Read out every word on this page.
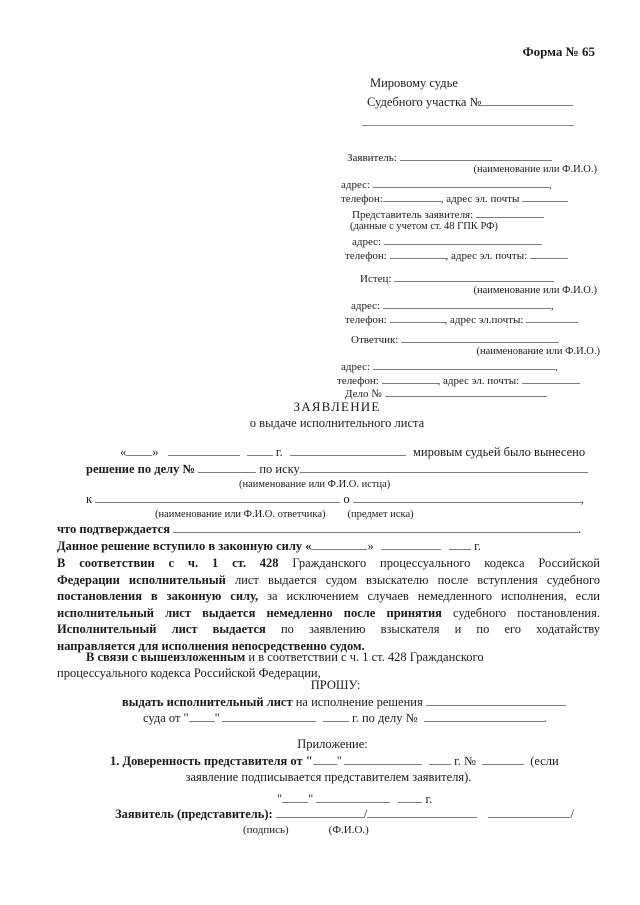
Форма № 65
Мировому судье
Судебного участка №
Заявитель:
(наименование или Ф.И.О.)
адрес:	,
телефон:	, адрес эл. почты
Представитель заявителя:
(данные с учетом ст. 48 ГПК РФ)
адрес:
телефон:	, адрес эл. почты:
Истец:
(наименование или Ф.И.О.)
адрес:	,
телефон:	, адрес эл.почты:
Ответчик:
(наименование или Ф.И.О.)
адрес:	,
телефон:	, адрес эл. почты:
Дело №
ЗАЯВЛЕНИЕ
о выдаче исполнительного листа
« »	г.	мировым судьей было вынесено
решение по делу №	по иску
(наименование или Ф.И.О. истца)
к	о	,
(наименование или Ф.И.О. ответчика) (предмет иска)
что подтверждается	.
Данное решение вступило в законную силу «	»	г.
В соответствии с ч. 1 ст. 428 Гражданского процессуального кодекса Российской
Федерации исполнительный лист выдается судом взыскателю после вступления судебного
постановления в законную силу, за исключением случаев немедленного исполнения, если
исполнительный лист выдается немедленно после принятия судебного постановления.
Исполнительный лист выдается по заявлению взыскателя и по его ходатайству
направляется для исполнения непосредственно судом.
В связи с вышеизложенным и в соответствии с ч. 1 ст. 428 Гражданского
процессуального кодекса Российской Федерации,
ПРОШУ:
выдать исполнительный лист на исполнение решения
суда от " "	г. по делу №	.
Приложение:
1. Доверенность представителя от " "	г. №	(если
заявление подписывается представителем заявителя).
" "	г.
Заявитель (представитель):	/	/
(подпись)	(Ф.И.О.)
